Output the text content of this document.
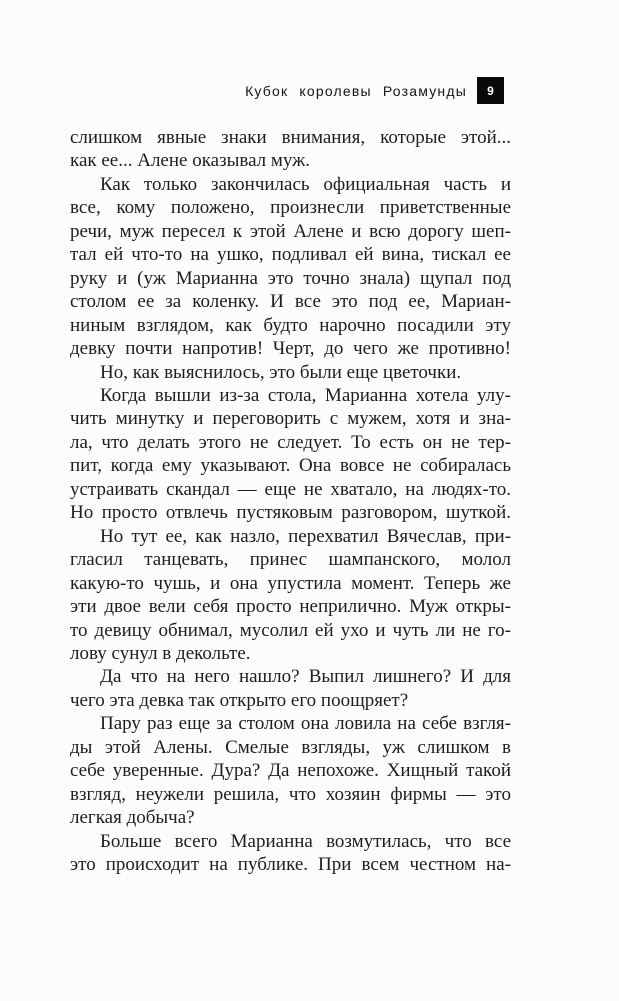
Кубок королевы Розамунды	9
слишком явные знаки внимания, которые этой...
как ее... Алене оказывал муж.
Как только закончилась официальная часть и
все, кому положено, произнесли приветственные
речи, муж пересел к этой Алене и всю дорогу шеп-
тал ей что-то на ушко, подливал ей вина, тискал ее
руку и (уж Марианна это точно знала) щупал под
столом ее за коленку. И все это под ее, Мариан-
ниным взглядом, как будто нарочно посадили эту
девку почти напротив! Черт, до чего же противно!
Но, как выяснилось, это были еще цветочки.
Когда вышли из-за стола, Марианна хотела улу-
чить минутку и переговорить с мужем, хотя и зна-
ла, что делать этого не следует. То есть он не тер-
пит, когда ему указывают. Она вовсе не собиралась
устраивать скандал — еще не хватало, на людях-то.
Но просто отвлечь пустяковым разговором, шуткой.
Но тут ее, как назло, перехватил Вячеслав, при-
гласил танцевать, принес шампанского, молол
какую-то чушь, и она упустила момент. Теперь же
эти двое вели себя просто неприлично. Муж откры-
то девицу обнимал, мусолил ей ухо и чуть ли не го-
лову сунул в декольте.
Да что на него нашло? Выпил лишнего? И для
чего эта девка так открыто его поощряет?
Пару раз еще за столом она ловила на себе взгля-
ды этой Алены. Смелые взгляды, уж слишком в
себе уверенные. Дура? Да непохоже. Хищный такой
взгляд, неужели решила, что хозяин фирмы — это
легкая добыча?
Больше всего Марианна возмутилась, что все
это происходит на публике. При всем честном на-
